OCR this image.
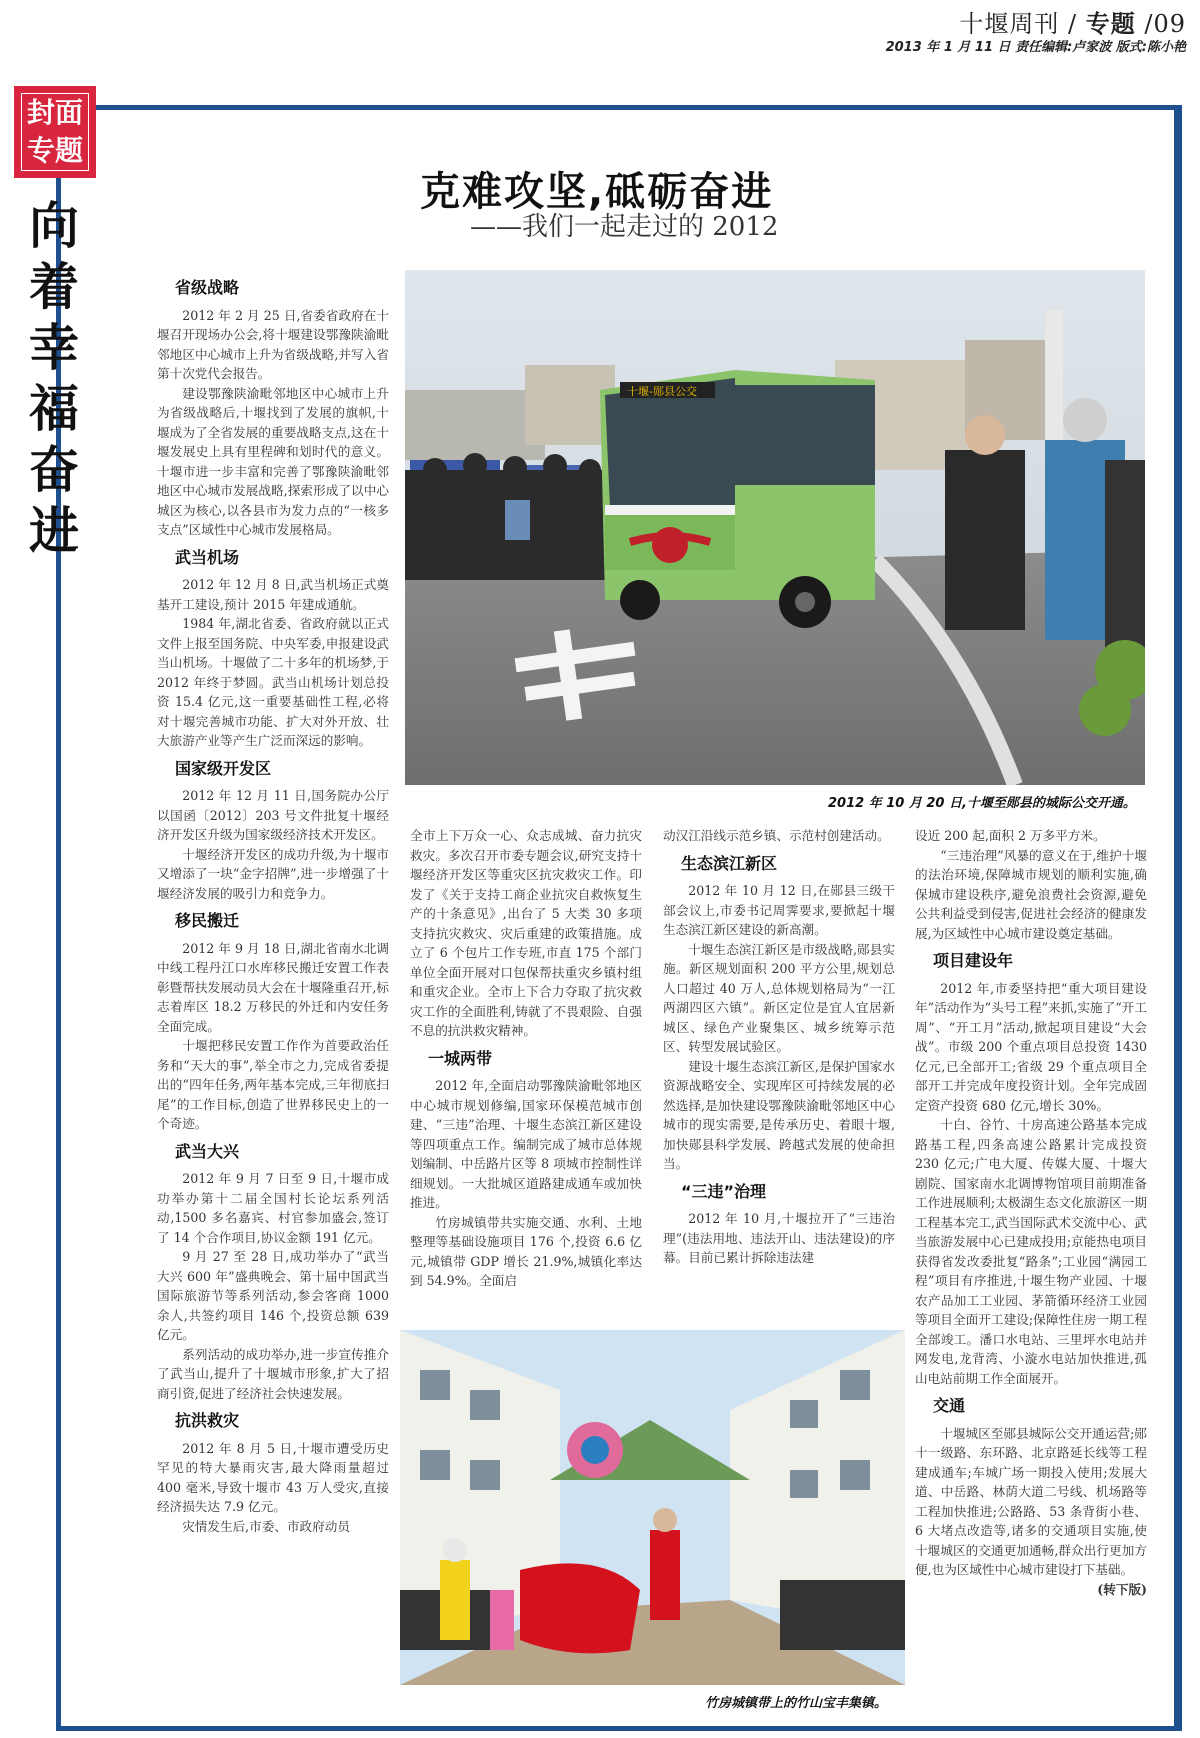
十堰周刊 / 专题 /09
2013 年 1 月 11 日 责任编辑:卢家波 版式:陈小艳
封面
专题
向
着
幸
福
奋
进
克难攻坚,砥砺奋进
——我们一起走过的 2012
十堰-郧县公交
2012 年 10 月 20 日,十堰至郧县的城际公交开通。
竹房城镇带上的竹山宝丰集镇。
省级战略

2012 年 2 月 25 日,省委省政府在十堰召开现场办公会,将十堰建设鄂豫陕渝毗邻地区中心城市上升为省级战略,并写入省第十次党代会报告。

建设鄂豫陕渝毗邻地区中心城市上升为省级战略后,十堰找到了发展的旗帜,十堰成为了全省发展的重要战略支点,这在十堰发展史上具有里程碑和划时代的意义。十堰市进一步丰富和完善了鄂豫陕渝毗邻地区中心城市发展战略,探索形成了以中心城区为核心,以各县市为发力点的“一核多支点”区域性中心城市发展格局。

武当机场

2012 年 12 月 8 日,武当机场正式奠基开工建设,预计 2015 年建成通航。

1984 年,湖北省委、省政府就以正式文件上报至国务院、中央军委,申报建设武当山机场。十堰做了二十多年的机场梦,于 2012 年终于梦圆。武当山机场计划总投资 15.4 亿元,这一重要基础性工程,必将对十堰完善城市功能、扩大对外开放、壮大旅游产业等产生广泛而深远的影响。

国家级开发区

2012 年 12 月 11 日,国务院办公厅以国函〔2012〕203 号文件批复十堰经济开发区升级为国家级经济技术开发区。

十堰经济开发区的成功升级,为十堰市又增添了一块“金字招牌”,进一步增强了十堰经济发展的吸引力和竞争力。

移民搬迁

2012 年 9 月 18 日,湖北省南水北调中线工程丹江口水库移民搬迁安置工作表彰暨帮扶发展动员大会在十堰隆重召开,标志着库区 18.2 万移民的外迁和内安任务全面完成。

十堰把移民安置工作作为首要政治任务和“天大的事”,举全市之力,完成省委提出的“四年任务,两年基本完成,三年彻底扫尾”的工作目标,创造了世界移民史上的一个奇迹。

武当大兴

2012 年 9 月 7 日至 9 日,十堰市成功举办第十二届全国村长论坛系列活动,1500 多名嘉宾、村官参加盛会,签订了 14 个合作项目,协议金额 191 亿元。

9 月 27 至 28 日,成功举办了“武当大兴 600 年”盛典晚会、第十届中国武当国际旅游节等系列活动,参会客商 1000 余人,共签约项目 146 个,投资总额 639 亿元。

系列活动的成功举办,进一步宣传推介了武当山,提升了十堰城市形象,扩大了招商引资,促进了经济社会快速发展。

抗洪救灾

2012 年 8 月 5 日,十堰市遭受历史罕见的特大暴雨灾害,最大降雨量超过 400 毫米,导致十堰市 43 万人受灾,直接经济损失达 7.9 亿元。

灾情发生后,市委、市政府动员

全市上下万众一心、众志成城、奋力抗灾救灾。多次召开市委专题会议,研究支持十堰经济开发区等重灾区抗灾救灾工作。印发了《关于支持工商企业抗灾自救恢复生产的十条意见》,出台了 5 大类 30 多项支持抗灾救灾、灾后重建的政策措施。成立了 6 个包片工作专班,市直 175 个部门单位全面开展对口包保帮扶重灾乡镇村组和重灾企业。全市上下合力夺取了抗灾救灾工作的全面胜利,铸就了不畏艰险、自强不息的抗洪救灾精神。

一城两带

2012 年,全面启动鄂豫陕渝毗邻地区中心城市规划修编,国家环保模范城市创建、“三违”治理、十堰生态滨江新区建设等四项重点工作。编制完成了城市总体规划编制、中岳路片区等 8 项城市控制性详细规划。一大批城区道路建成通车或加快推进。

竹房城镇带共实施交通、水利、土地整理等基础设施项目 176 个,投资 6.6 亿元,城镇带 GDP 增长 21.9%,城镇化率达到 54.9%。全面启

动汉江沿线示范乡镇、示范村创建活动。

生态滨江新区

2012 年 10 月 12 日,在郧县三级干部会议上,市委书记周霁要求,要掀起十堰生态滨江新区建设的新高潮。

十堰生态滨江新区是市级战略,郧县实施。新区规划面积 200 平方公里,规划总人口超过 40 万人,总体规划格局为“一江两湖四区六镇”。新区定位是宜人宜居新城区、绿色产业聚集区、城乡统筹示范区、转型发展试验区。

建设十堰生态滨江新区,是保护国家水资源战略安全、实现库区可持续发展的必然选择,是加快建设鄂豫陕渝毗邻地区中心城市的现实需要,是传承历史、着眼十堰,加快郧县科学发展、跨越式发展的使命担当。

“三违”治理

2012 年 10 月,十堰拉开了“三违治理”(违法用地、违法开山、违法建设)的序幕。目前已累计拆除违法建

设近 200 起,面积 2 万多平方米。

“三违治理”风暴的意义在于,维护十堰的法治环境,保障城市规划的顺利实施,确保城市建设秩序,避免浪费社会资源,避免公共利益受到侵害,促进社会经济的健康发展,为区域性中心城市建设奠定基础。

项目建设年

2012 年,市委坚持把“重大项目建设年”活动作为“头号工程”来抓,实施了“开工周”、“开工月”活动,掀起项目建设“大会战”。市级 200 个重点项目总投资 1430 亿元,已全部开工;省级 29 个重点项目全部开工并完成年度投资计划。全年完成固定资产投资 680 亿元,增长 30%。

十白、谷竹、十房高速公路基本完成路基工程,四条高速公路累计完成投资 230 亿元;广电大厦、传媒大厦、十堰大剧院、国家南水北调博物馆项目前期准备工作进展顺利;太极湖生态文化旅游区一期工程基本完工,武当国际武术交流中心、武当旅游发展中心已建成投用;京能热电项目获得省发改委批复“路条”;工业园“满园工程”项目有序推进,十堰生物产业园、十堰农产品加工工业园、茅箭循环经济工业园等项目全面开工建设;保障性住房一期工程全部竣工。潘口水电站、三里坪水电站并网发电,龙背湾、小漩水电站加快推进,孤山电站前期工作全面展开。

交通

十堰城区至郧县城际公交开通运营;郧十一级路、东环路、北京路延长线等工程建成通车;车城广场一期投入使用;发展大道、中岳路、林荫大道二号线、机场路等工程加快推进;公路路、53 条背街小巷、6 大堵点改造等,诸多的交通项目实施,使十堰城区的交通更加通畅,群众出行更加方便,也为区域性中心城市建设打下基础。

(转下版)
